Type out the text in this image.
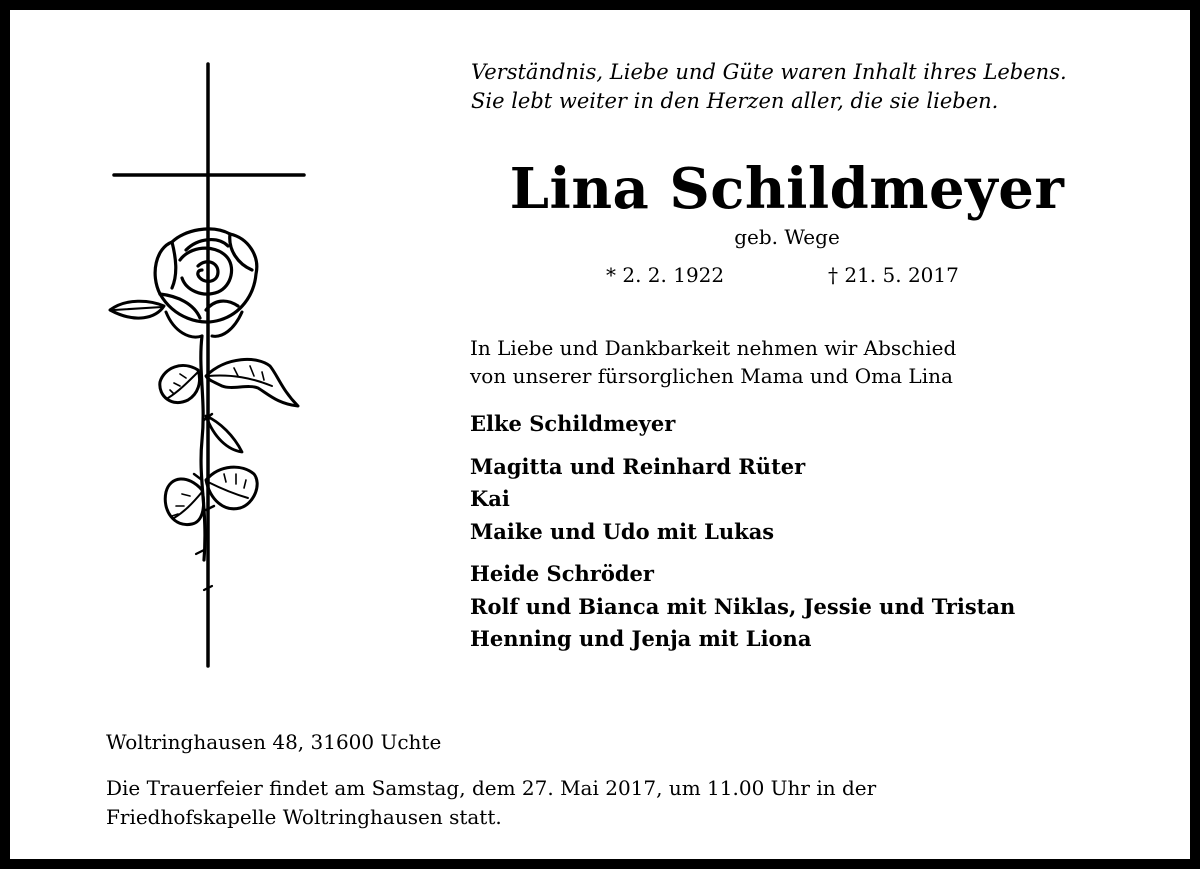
Verständnis, Liebe und Güte waren Inhalt ihres Lebens.
Sie lebt weiter in den Herzen aller, die sie lieben.
Lina Schildmeyer
geb. Wege
* 2. 2. 1922	† 21. 5. 2017
In Liebe und Dankbarkeit nehmen wir Abschied
von unserer fürsorglichen Mama und Oma Lina
Elke Schildmeyer
Magitta und Reinhard Rüter
Kai
Maike und Udo mit Lukas
Heide Schröder
Rolf und Bianca mit Niklas, Jessie und Tristan
Henning und Jenja mit Liona
Woltringhausen 48, 31600 Uchte
Die Trauerfeier findet am Samstag, dem 27. Mai 2017, um 11.00 Uhr in der
Friedhofskapelle Woltringhausen statt.
